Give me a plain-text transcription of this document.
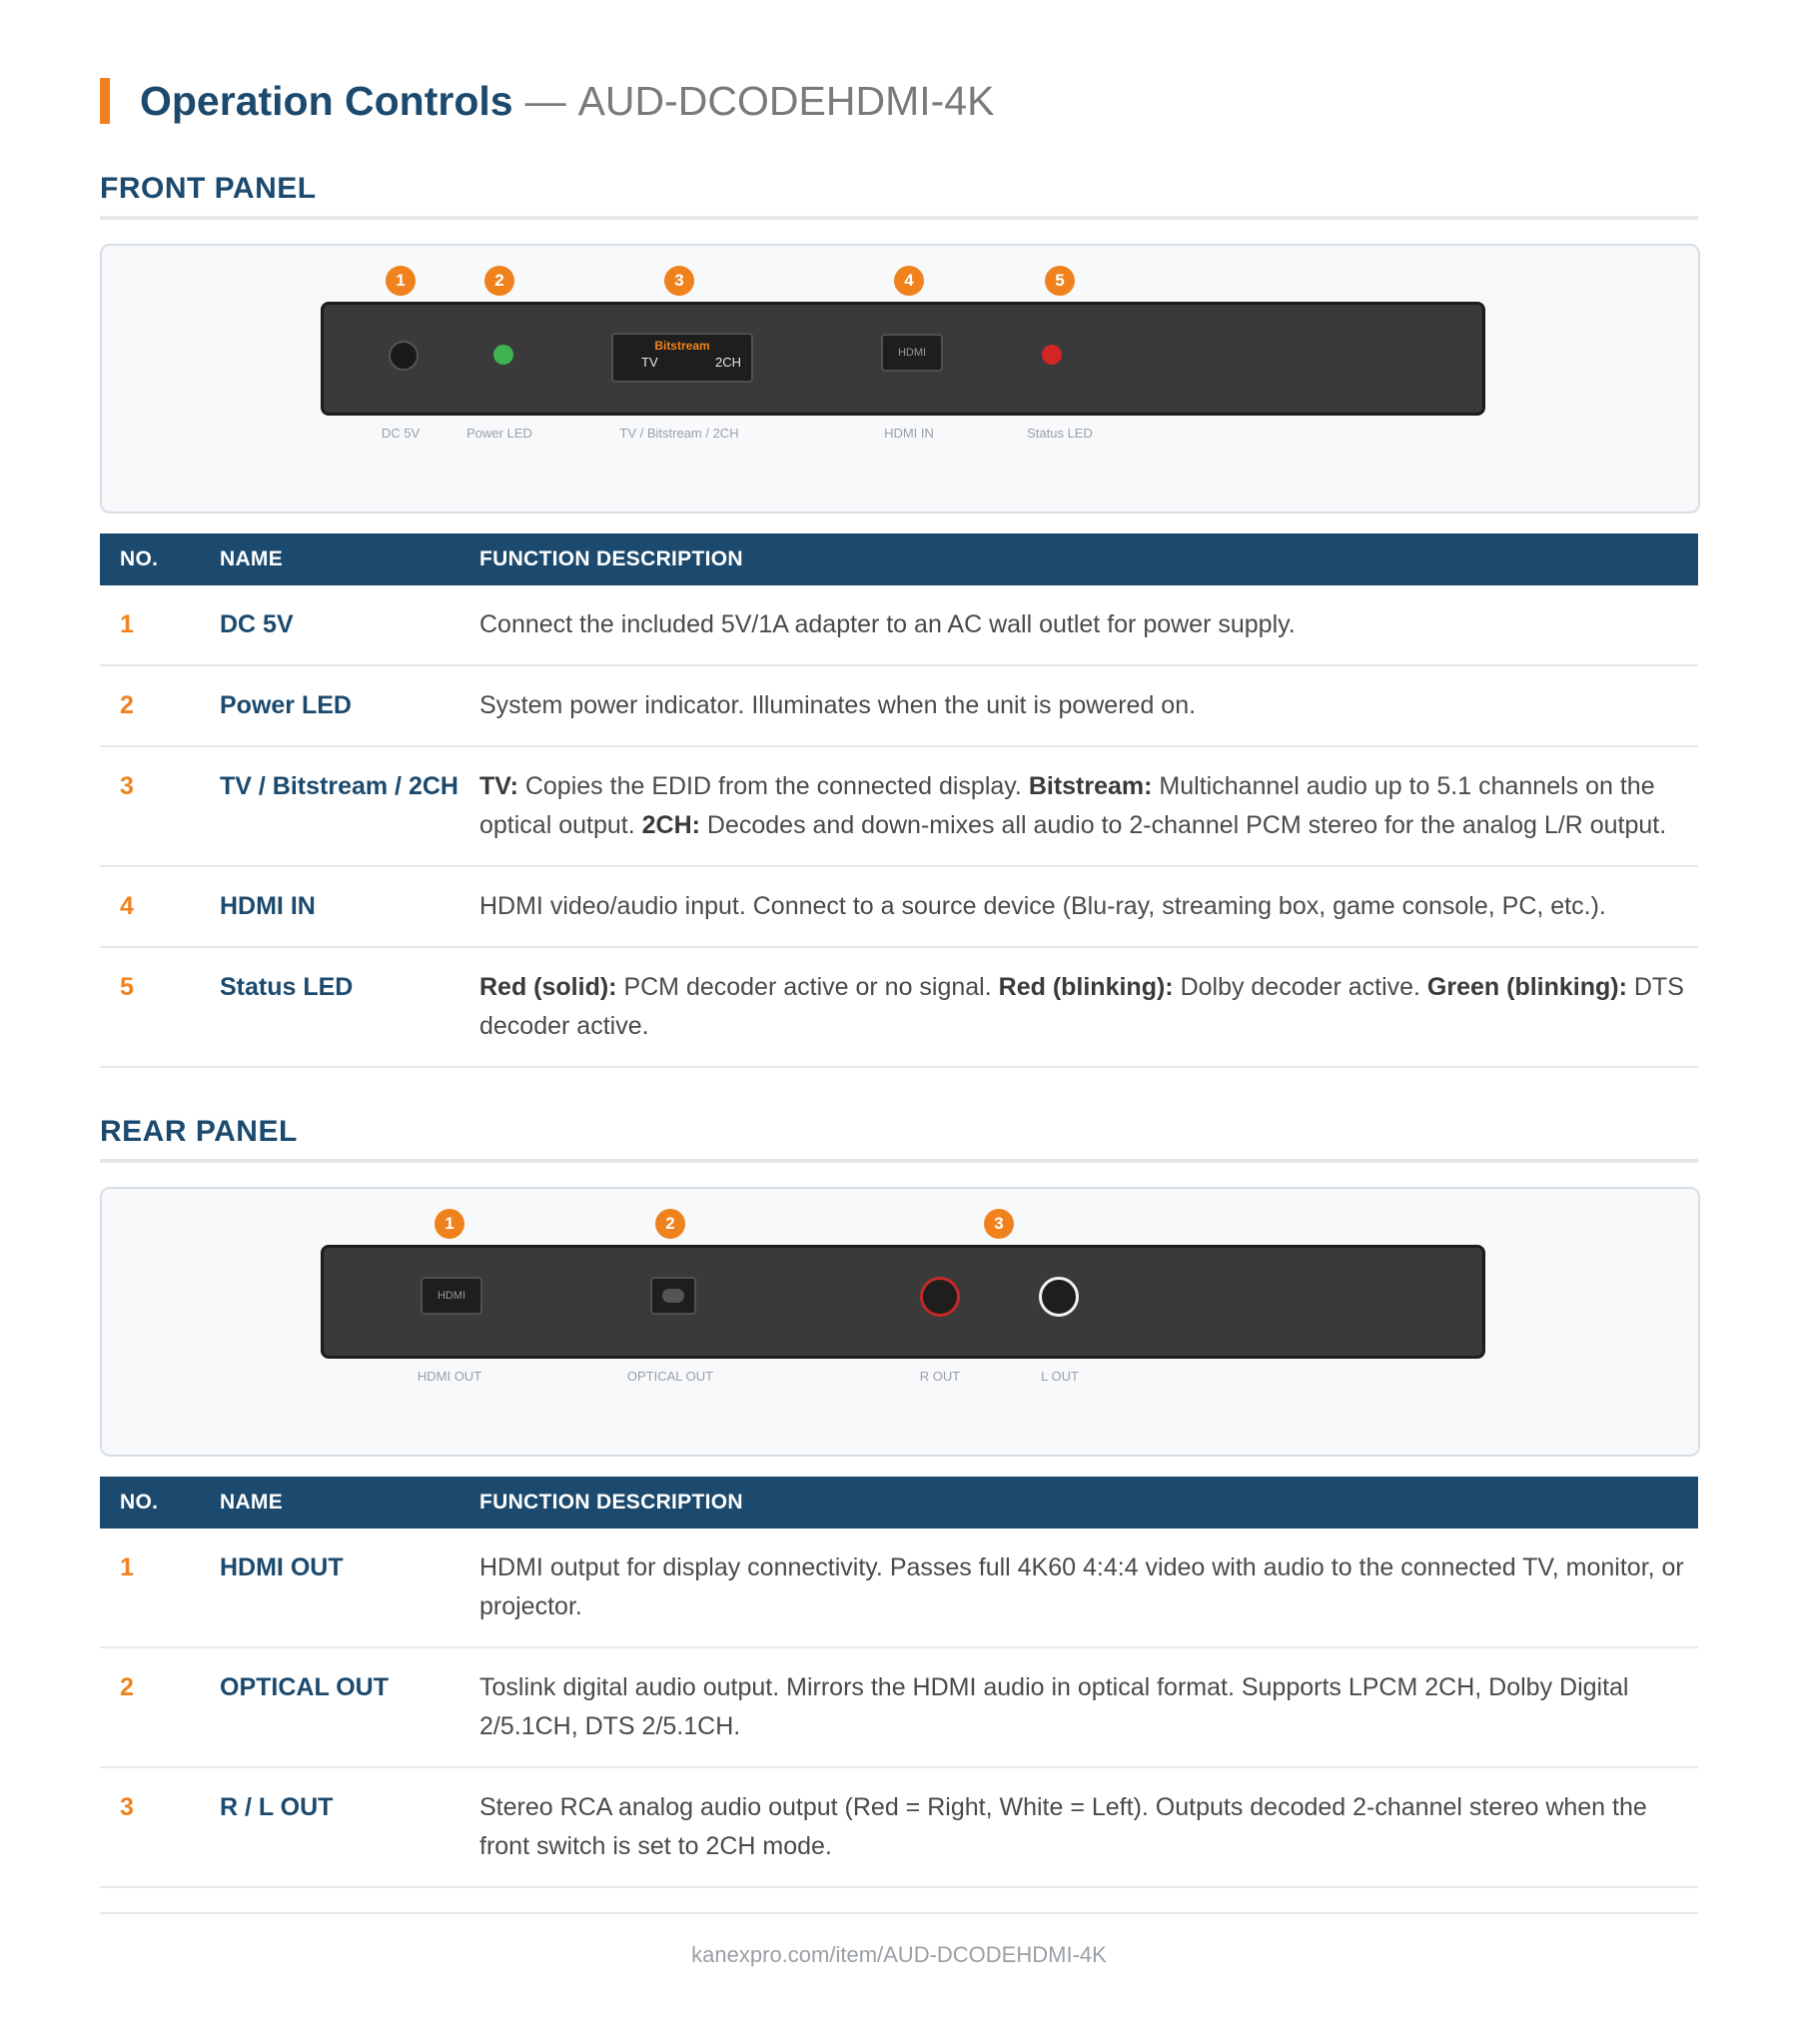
Operation Controls — AUD-DCODEHDMI-4K
FRONT PANEL
Bitstream
TV	2CH
HDMI
1	2	3	4	5
DC 5V	Power LED	TV / Bitstream / 2CH	HDMI IN	Status LED
NO.	NAME	FUNCTION DESCRIPTION
1	DC 5V	Connect the included 5V/1A adapter to an AC wall outlet for power supply.
2	Power LED	System power indicator. Illuminates when the unit is powered on.
3	TV / Bitstream / 2CH	TV: Copies the EDID from the connected display. Bitstream: Multichannel audio up to 5.1 channels on the optical output. 2CH: Decodes and down-mixes all audio to 2-channel PCM stereo for the analog L/R output.
4	HDMI IN	HDMI video/audio input. Connect to a source device (Blu-ray, streaming box, game console, PC, etc.).
5	Status LED	Red (solid): PCM decoder active or no signal. Red (blinking): Dolby decoder active. Green (blinking): DTS decoder active.
REAR PANEL
HDMI
1	2	3
HDMI OUT	OPTICAL OUT	R OUT	L OUT
NO.	NAME	FUNCTION DESCRIPTION
1	HDMI OUT	HDMI output for display connectivity. Passes full 4K60 4:4:4 video with audio to the connected TV, monitor, or projector.
2	OPTICAL OUT	Toslink digital audio output. Mirrors the HDMI audio in optical format. Supports LPCM 2CH, Dolby Digital 2/5.1CH, DTS 2/5.1CH.
3	R / L OUT	Stereo RCA analog audio output (Red = Right, White = Left). Outputs decoded 2-channel stereo when the front switch is set to 2CH mode.
kanexpro.com/item/AUD-DCODEHDMI-4K
